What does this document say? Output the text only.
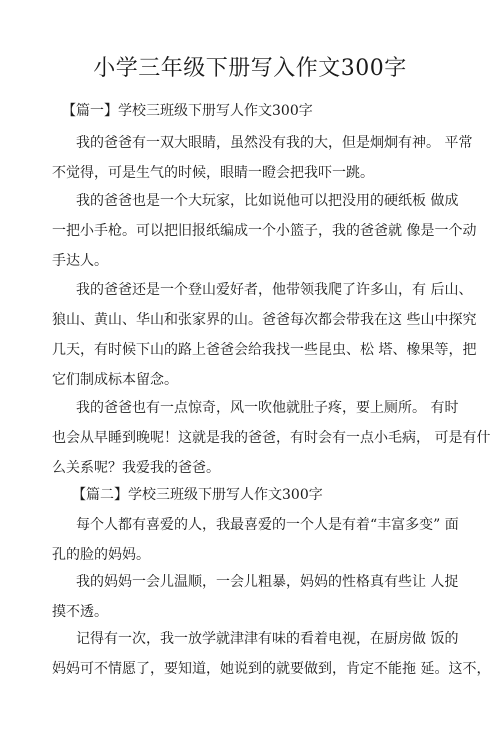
小学三年级下册写入作文300字
【篇一】学校三班级下册写人作文300字
我的爸爸有一双大眼睛，虽然没有我的大，但是炯炯有神。 平常
不觉得，可是生气的时候，眼睛一瞪会把我吓一跳。
我的爸爸也是一个大玩家，比如说他可以把没用的硬纸板 做成
一把小手枪。可以把旧报纸编成一个小篮子，我的爸爸就 像是一个动
手达人。
我的爸爸还是一个登山爱好者，他带领我爬了许多山，有 后山、
狼山、黄山、华山和张家界的山。爸爸每次都会带我在这 些山中探究
几天，有时候下山的路上爸爸会给我找一些昆虫、松 塔、橡果等，把
它们制成标本留念。
我的爸爸也有一点惊奇，风一吹他就肚子疼，要上厕所。 有时
也会从早睡到晚呢！这就是我的爸爸，有时会有一点小毛病， 可是有什
么关系呢？我爱我的爸爸。
【篇二】学校三班级下册写人作文300字
每个人都有喜爱的人，我最喜爱的一个人是有着“丰富多变” 面
孔的脸的妈妈。
我的妈妈一会儿温顺，一会儿粗暴，妈妈的性格真有些让 人捉
摸不透。
记得有一次，我一放学就津津有味的看着电视，在厨房做 饭的
妈妈可不情愿了，要知道，她说到的就要做到，肯定不能拖 延。这不，
